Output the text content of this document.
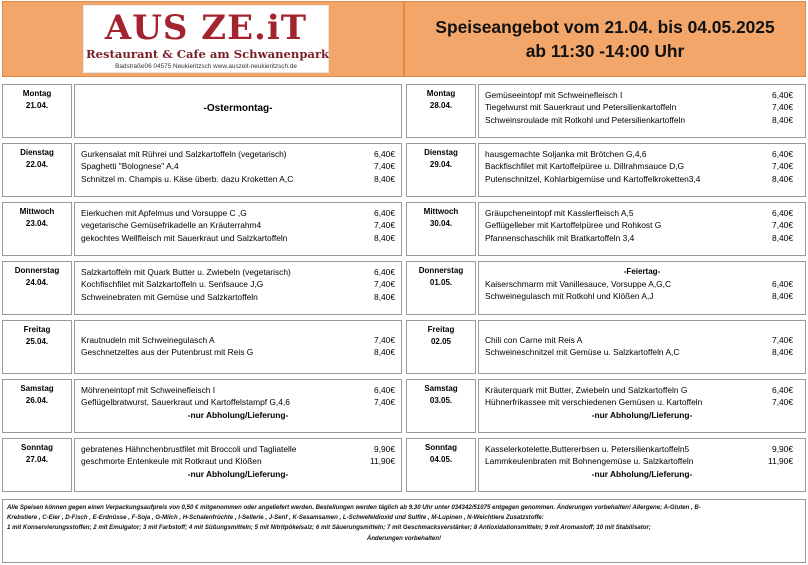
AUS ZE.iT
Restaurant & Cafe am Schwanenpark
Badstraße06 04575 Neukieritzsch www.auszeit-neukieritzsch.de
Speiseangebot vom 21.04. bis 04.05.2025
ab 11:30 -14:00 Uhr
Montag
21.04.	-Ostermontag-
Dienstag
22.04.
Gurkensalat mit Rührei und Salzkartoffeln (vegetarisch)	6,40€
Spaghetti "Bolognese" A,4	7,40€
Schnitzel m. Champis u. Käse überb. dazu Kroketten A,C	8,40€
Mittwoch
23.04.
Eierkuchen mit Apfelmus und Vorsuppe C ,G	6,40€
vegetarische Gemüsefrikadelle an Kräuterrahm4	7,40€
gekochtes Wellfleisch mit Sauerkraut und Salzkartoffeln	8,40€
Donnerstag
24.04.
Salzkartoffeln mit Quark Butter u. Zwiebeln (vegetarisch)	6,40€
Kochfischfilet mit Salzkartoffeln u. Senfsauce J,G	7,40€
Schweinebraten mit Gemüse und Salzkartoffeln	8,40€
Freitag
25.04.	Krautnudeln mit Schweinegulasch A	7,40€
Geschnetzeltes aus der Putenbrust mit Reis G	8,40€
Samstag
26.04.
Möhreneintopf mit Schweinefleisch I	6,40€
Geflügelbratwurst, Sauerkraut und Kartoffelstampf G,4,6	7,40€
-nur Abholung/Lieferung-
Sonntag
27.04.
gebratenes Hähnchenbrustfilet mit Broccoli und Tagliatelle	9,90€
geschmorte Entenkeule mit Rotkraut und Klößen	11,90€
-nur Abholung/Lieferung-
Montag
28.04.
Gemüseeintopf mit Schweinefleisch I	6,40€
Tiegelwurst mit Sauerkraut und Petersilienkartoffeln	7,40€
Schweinsroulade mit Rotkohl und Petersilienkartoffeln	8,40€
Dienstag
29.04.
hausgemachte Soljanka mit Brötchen G,4,6	6,40€
Backfischfilet mit Kartoffelpüree u. Dillrahmsauce D,G	7,40€
Putenschnitzel, Kohlarbigemüse und Kartoffelkroketten3,4	8,40€
Mittwoch
30.04.
Gräupcheneintopf mit Kasslerfleisch A,5	6,40€
Geflügelleber mit Kartoffelpüree und Rohkost G	7,40€
Pfannenschaschlik mit Bratkartoffeln 3,4	8,40€
Donnerstag
01.05.
-Feiertag-
Kaiserschmarrn mit Vanillesauce, Vorsuppe A,G,C	6,40€
Schweinegulasch mit Rotkohl und Klößen A,J	8,40€
Freitag
02.05	Chili con Carne mit Reis A	7,40€
Schweineschnitzel mit Gemüse u. Salzkartoffeln A,C	8,40€
Samstag
03.05.
Kräuterquark mit Butter, Zwiebeln und Salzkartoffeln G	6,40€
Hühnerfrikassee mit verschiedenen Gemüsen u. Kartoffeln	7,40€
-nur Abholung/Lieferung-
Sonntag
04.05.
Kasselerkotelette,Buttererbsen u. Petersilienkartoffeln5	9,90€
Lammkeulenbraten mit Bohnengemüse u. Salzkartoffeln	11,90€
-nur Abholung/Lieferung-

Alle Speisen können gegen einen Verpackungsaufpreis von 0,50 € mitgenommen oder angeliefert werden. Bestellungen werden täglich ab 9.30 Uhr unter 034342/51075 entgegen genommen. Änderungen vorbehalten! Allergene; A-Gluten , B-

Krebstiere , C-Eier , D-Fisch , E-Erdnüsse , F-Soja , G-Milch , H-Schalenfrüchte , I-Sellerie , J-Senf , K-Sesamsamen , L-Schwefeldioxid und Sulfite , M-Lupinen , N-Weichtiere Zusatzstoffe:

1 mit Konservierungsstoffen; 2 mit Emulgator; 3 mit Farbstoff; 4 mit Süßungsmitteln; 5 mit Nitritpökelsalz; 6 mit Säuerungsmitteln; 7 mit Geschmacksverstärker; 8 Antioxidationsmitteln; 9 mit Aromastoff; 10 mit Stabilisator;

Änderungen vorbehalten!
